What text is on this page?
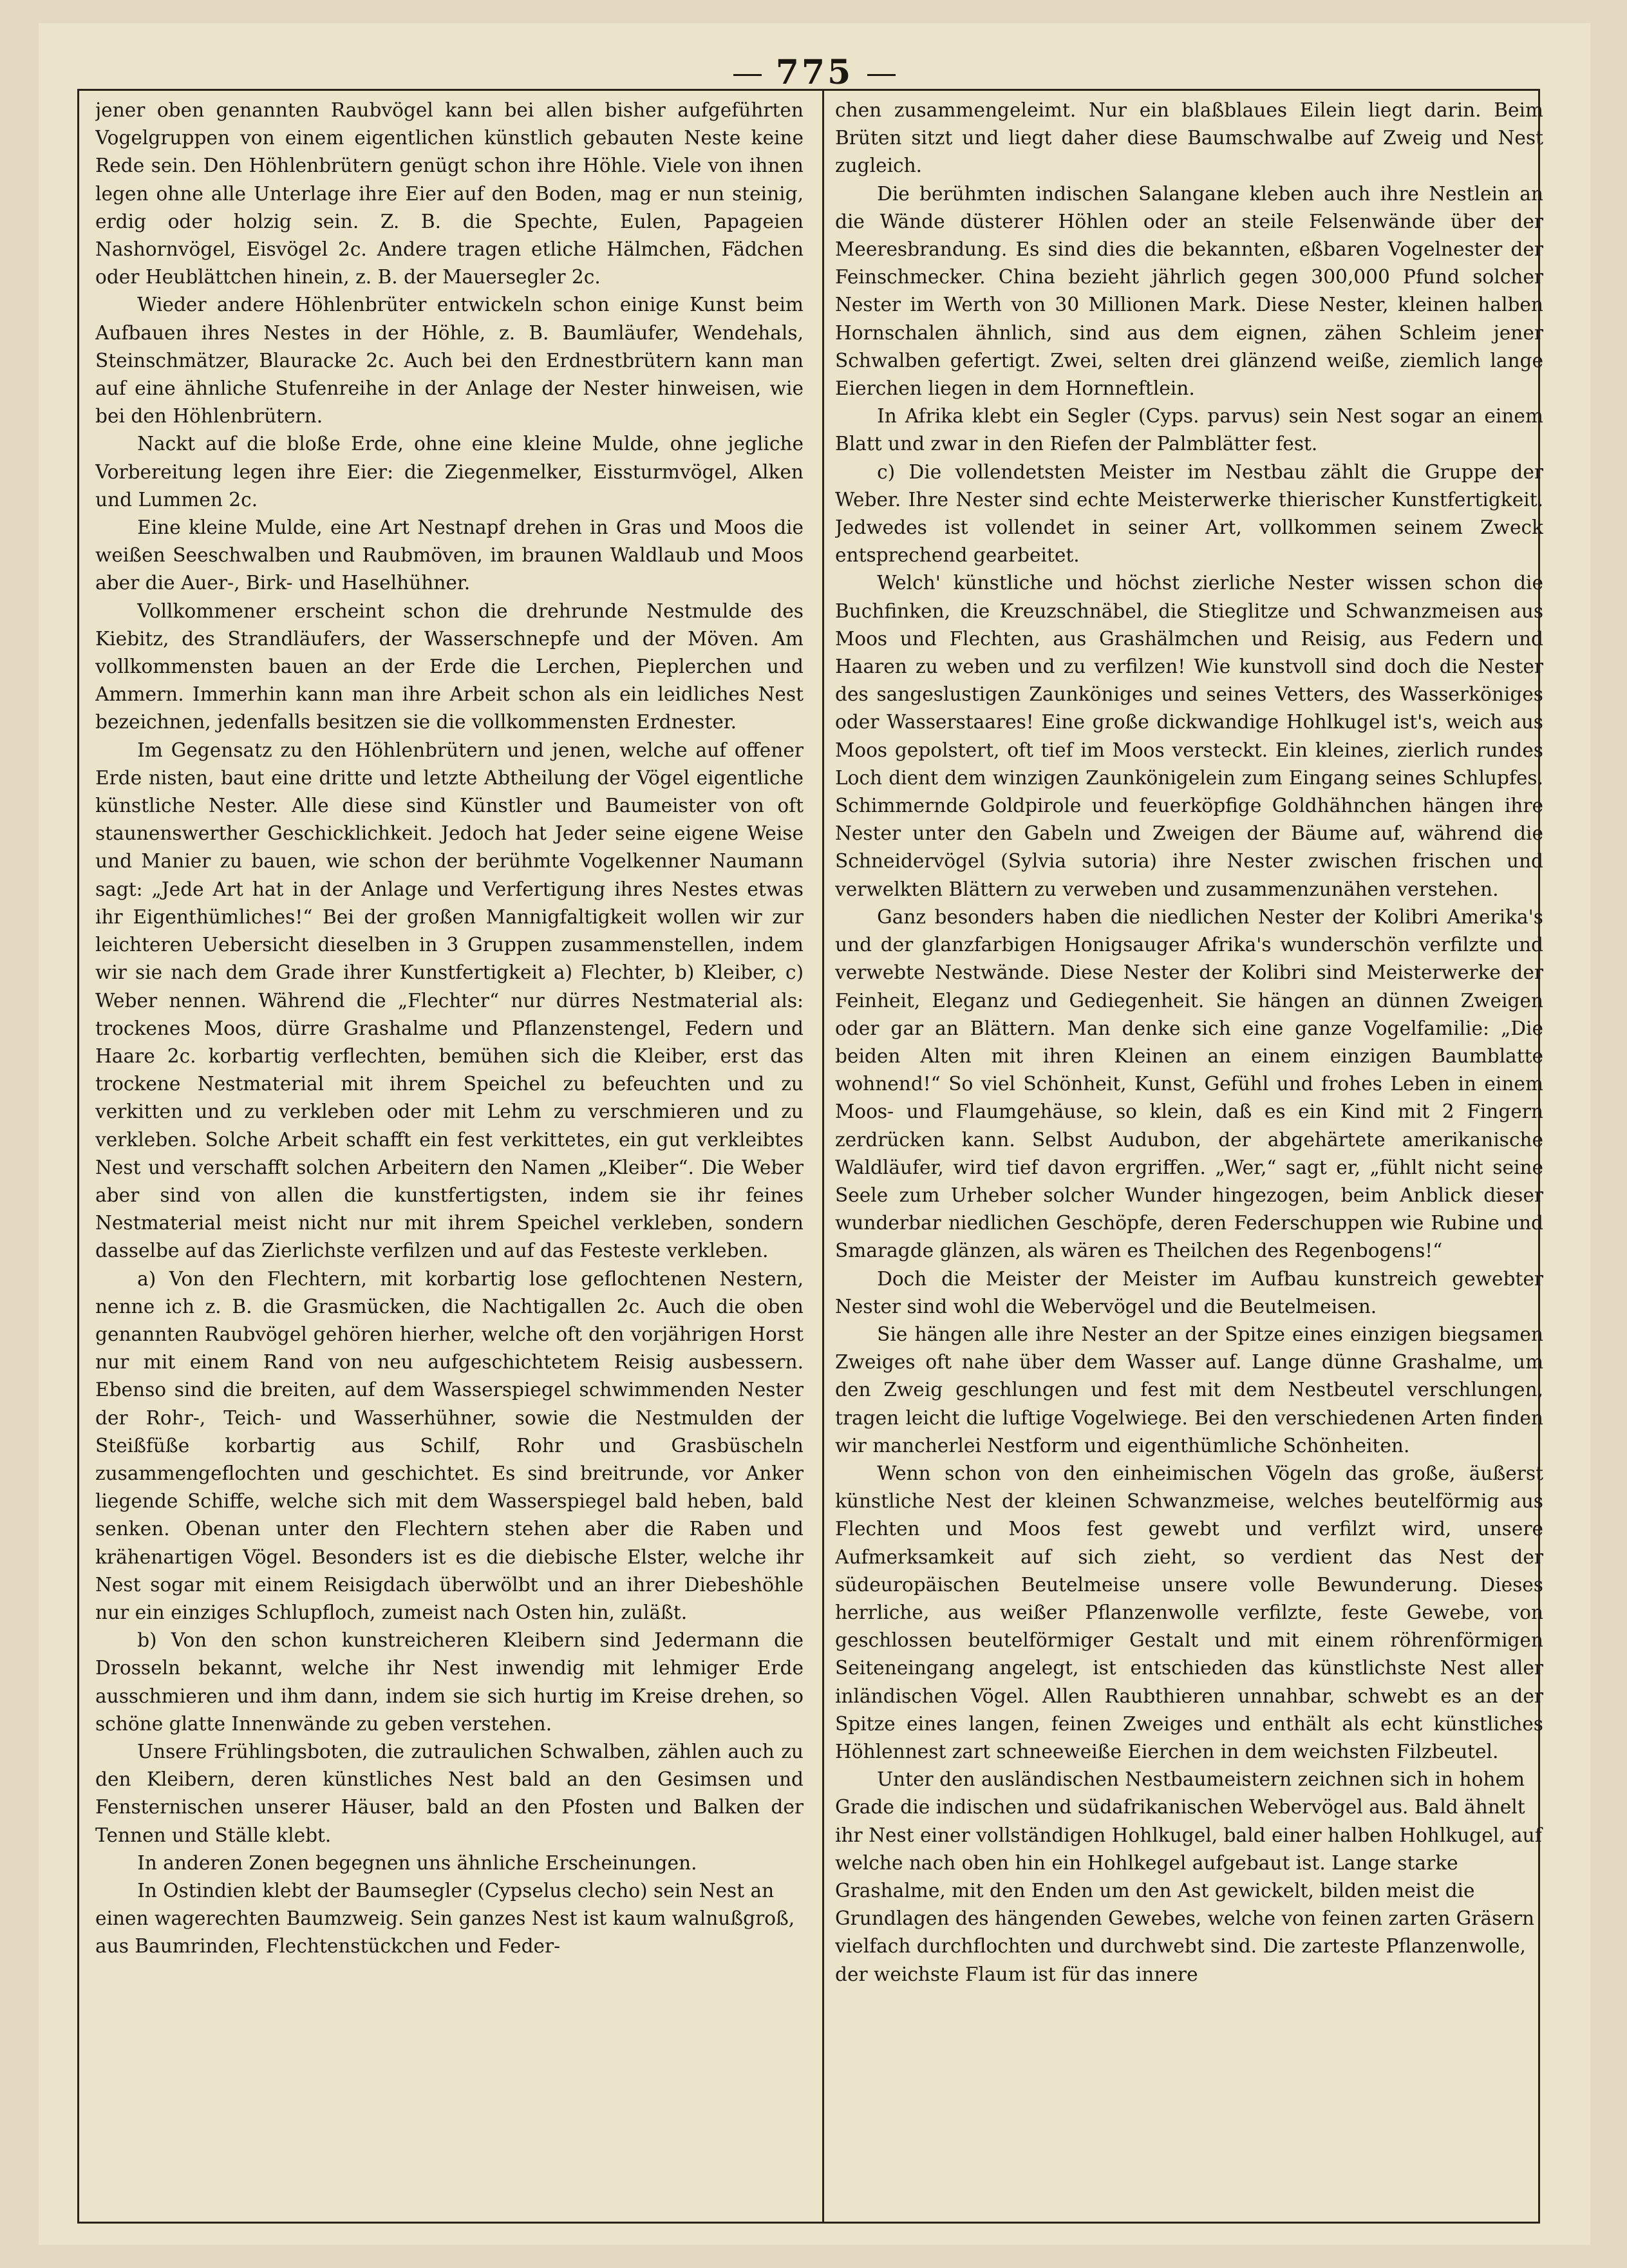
775

jener oben genannten Raubvögel kann bei allen bisher aufgeführten Vogelgruppen von einem eigentlichen künstlich gebauten Neste keine Rede sein. Den Höhlenbrütern genügt schon ihre Höhle. Viele von ihnen legen ohne alle Unterlage ihre Eier auf den Boden, mag er nun steinig, erdig oder holzig sein. Z. B. die Spechte, Eulen, Papageien Nashornvögel, Eisvögel 2c. Andere tragen etliche Hälmchen, Fädchen oder Heublättchen hinein, z. B. der Mauersegler 2c.

Wieder andere Höhlenbrüter entwickeln schon einige Kunst beim Aufbauen ihres Nestes in der Höhle, z. B. Baumläufer, Wendehals, Steinschmätzer, Blauracke 2c. Auch bei den Erdnestbrütern kann man auf eine ähnliche Stufenreihe in der Anlage der Nester hinweisen, wie bei den Höhlenbrütern.

Nackt auf die bloße Erde, ohne eine kleine Mulde, ohne jegliche Vorbereitung legen ihre Eier: die Ziegenmelker, Eissturmvögel, Alken und Lummen 2c.

Eine kleine Mulde, eine Art Nestnapf drehen in Gras und Moos die weißen Seeschwalben und Raubmöven, im braunen Waldlaub und Moos aber die Auer-, Birk- und Haselhühner.

Vollkommener erscheint schon die drehrunde Nestmulde des Kiebitz, des Strandläufers, der Wasserschnepfe und der Möven. Am vollkommensten bauen an der Erde die Lerchen, Pieplerchen und Ammern. Immerhin kann man ihre Arbeit schon als ein leidliches Nest bezeichnen, jedenfalls besitzen sie die vollkommensten Erdnester.

Im Gegensatz zu den Höhlenbrütern und jenen, welche auf offener Erde nisten, baut eine dritte und letzte Abtheilung der Vögel eigentliche künstliche Nester. Alle diese sind Künstler und Baumeister von oft staunenswerther Geschicklichkeit. Jedoch hat Jeder seine eigene Weise und Manier zu bauen, wie schon der berühmte Vogelkenner Naumann sagt: „Jede Art hat in der Anlage und Verfertigung ihres Nestes etwas ihr Eigenthümliches!“ Bei der großen Mannigfaltigkeit wollen wir zur leichteren Uebersicht dieselben in 3 Gruppen zusammenstellen, indem wir sie nach dem Grade ihrer Kunstfertigkeit a) Flechter, b) Kleiber, c) Weber nennen. Während die „Flechter“ nur dürres Nestmaterial als: trockenes Moos, dürre Grashalme und Pflanzenstengel, Federn und Haare 2c. korbartig verflechten, bemühen sich die Kleiber, erst das trockene Nestmaterial mit ihrem Speichel zu befeuchten und zu verkitten und zu verkleben oder mit Lehm zu verschmieren und zu verkleben. Solche Arbeit schafft ein fest verkittetes, ein gut verkleibtes Nest und verschafft solchen Arbeitern den Namen „Kleiber“. Die Weber aber sind von allen die kunstfertigsten, indem sie ihr feines Nestmaterial meist nicht nur mit ihrem Speichel verkleben, sondern dasselbe auf das Zierlichste verfilzen und auf das Festeste verkleben.

a) Von den Flechtern, mit korbartig lose geflochtenen Nestern, nenne ich z. B. die Grasmücken, die Nachtigallen 2c. Auch die oben genannten Raubvögel gehören hierher, welche oft den vorjährigen Horst nur mit einem Rand von neu aufgeschichtetem Reisig ausbessern. Ebenso sind die breiten, auf dem Wasserspiegel schwimmenden Nester der Rohr-, Teich- und Wasserhühner, sowie die Nestmulden der Steißfüße korbartig aus Schilf, Rohr und Grasbüscheln zusammengeflochten und geschichtet. Es sind breitrunde, vor Anker liegende Schiffe, welche sich mit dem Wasserspiegel bald heben, bald senken. Obenan unter den Flechtern stehen aber die Raben und krähenartigen Vögel. Besonders ist es die diebische Elster, welche ihr Nest sogar mit einem Reisigdach überwölbt und an ihrer Diebeshöhle nur ein einziges Schlupfloch, zumeist nach Osten hin, zuläßt.

b) Von den schon kunstreicheren Kleibern sind Jedermann die Drosseln bekannt, welche ihr Nest inwendig mit lehmiger Erde ausschmieren und ihm dann, indem sie sich hurtig im Kreise drehen, so schöne glatte Innenwände zu geben verstehen.

Unsere Frühlingsboten, die zutraulichen Schwalben, zählen auch zu den Kleibern, deren künstliches Nest bald an den Gesimsen und Fensternischen unserer Häuser, bald an den Pfosten und Balken der Tennen und Ställe klebt.

In anderen Zonen begegnen uns ähnliche Erscheinungen.

In Ostindien klebt der Baumsegler (Cypselus clecho) sein Nest an einen wagerechten Baumzweig. Sein ganzes Nest ist kaum walnußgroß, aus Baumrinden, Flechtenstückchen und Feder-

chen zusammengeleimt. Nur ein blaßblaues Eilein liegt darin. Beim Brüten sitzt und liegt daher diese Baumschwalbe auf Zweig und Nest zugleich.

Die berühmten indischen Salangane kleben auch ihre Nestlein an die Wände düsterer Höhlen oder an steile Felsenwände über der Meeresbrandung. Es sind dies die bekannten, eßbaren Vogelnester der Feinschmecker. China bezieht jährlich gegen 300,000 Pfund solcher Nester im Werth von 30 Millionen Mark. Diese Nester, kleinen halben Hornschalen ähnlich, sind aus dem eignen, zähen Schleim jener Schwalben gefertigt. Zwei, selten drei glänzend weiße, ziemlich lange Eierchen liegen in dem Hornneftlein.

In Afrika klebt ein Segler (Cyps. parvus) sein Nest sogar an einem Blatt und zwar in den Riefen der Palmblätter fest.

c) Die vollendetsten Meister im Nestbau zählt die Gruppe der Weber. Ihre Nester sind echte Meisterwerke thierischer Kunstfertigkeit. Jedwedes ist vollendet in seiner Art, vollkommen seinem Zweck entsprechend gearbeitet.

Welch' künstliche und höchst zierliche Nester wissen schon die Buchfinken, die Kreuzschnäbel, die Stieglitze und Schwanzmeisen aus Moos und Flechten, aus Grashälmchen und Reisig, aus Federn und Haaren zu weben und zu verfilzen! Wie kunstvoll sind doch die Nester des sangeslustigen Zaunköniges und seines Vetters, des Wasserköniges oder Wasserstaares! Eine große dickwandige Hohlkugel ist's, weich aus Moos gepolstert, oft tief im Moos versteckt. Ein kleines, zierlich rundes Loch dient dem winzigen Zaunkönigelein zum Eingang seines Schlupfes. Schimmernde Goldpirole und feuerköpfige Goldhähnchen hängen ihre Nester unter den Gabeln und Zweigen der Bäume auf, während die Schneidervögel (Sylvia sutoria) ihre Nester zwischen frischen und verwelkten Blättern zu verweben und zusammenzunähen verstehen.

Ganz besonders haben die niedlichen Nester der Kolibri Amerika's und der glanzfarbigen Honigsauger Afrika's wunderschön verfilzte und verwebte Nestwände. Diese Nester der Kolibri sind Meisterwerke der Feinheit, Eleganz und Gediegenheit. Sie hängen an dünnen Zweigen oder gar an Blättern. Man denke sich eine ganze Vogelfamilie: „Die beiden Alten mit ihren Kleinen an einem einzigen Baumblatte wohnend!“ So viel Schönheit, Kunst, Gefühl und frohes Leben in einem Moos- und Flaumgehäuse, so klein, daß es ein Kind mit 2 Fingern zerdrücken kann. Selbst Audubon, der abgehärtete amerikanische Waldläufer, wird tief davon ergriffen. „Wer,“ sagt er, „fühlt nicht seine Seele zum Urheber solcher Wunder hingezogen, beim Anblick dieser wunderbar niedlichen Geschöpfe, deren Federschuppen wie Rubine und Smaragde glänzen, als wären es Theilchen des Regenbogens!“

Doch die Meister der Meister im Aufbau kunstreich gewebter Nester sind wohl die Webervögel und die Beutelmeisen.

Sie hängen alle ihre Nester an der Spitze eines einzigen biegsamen Zweiges oft nahe über dem Wasser auf. Lange dünne Grashalme, um den Zweig geschlungen und fest mit dem Nestbeutel verschlungen, tragen leicht die luftige Vogelwiege. Bei den verschiedenen Arten finden wir mancherlei Nestform und eigenthümliche Schönheiten.

Wenn schon von den einheimischen Vögeln das große, äußerst künstliche Nest der kleinen Schwanzmeise, welches beutelförmig aus Flechten und Moos fest gewebt und verfilzt wird, unsere Aufmerksamkeit auf sich zieht, so verdient das Nest der südeuropäischen Beutelmeise unsere volle Bewunderung. Dieses herrliche, aus weißer Pflanzenwolle verfilzte, feste Gewebe, von geschlossen beutelförmiger Gestalt und mit einem röhrenförmigen Seiteneingang angelegt, ist entschieden das künstlichste Nest aller inländischen Vögel. Allen Raubthieren unnahbar, schwebt es an der Spitze eines langen, feinen Zweiges und enthält als echt künstliches Höhlennest zart schneeweiße Eierchen in dem weichsten Filzbeutel.

Unter den ausländischen Nestbaumeistern zeichnen sich in hohem Grade die indischen und südafrikanischen Webervögel aus. Bald ähnelt ihr Nest einer vollständigen Hohlkugel, bald einer halben Hohlkugel, auf welche nach oben hin ein Hohlkegel aufgebaut ist. Lange starke Grashalme, mit den Enden um den Ast gewickelt, bilden meist die Grundlagen des hängenden Gewebes, welche von feinen zarten Gräsern vielfach durchflochten und durchwebt sind. Die zarteste Pflanzenwolle, der weichste Flaum ist für das innere
